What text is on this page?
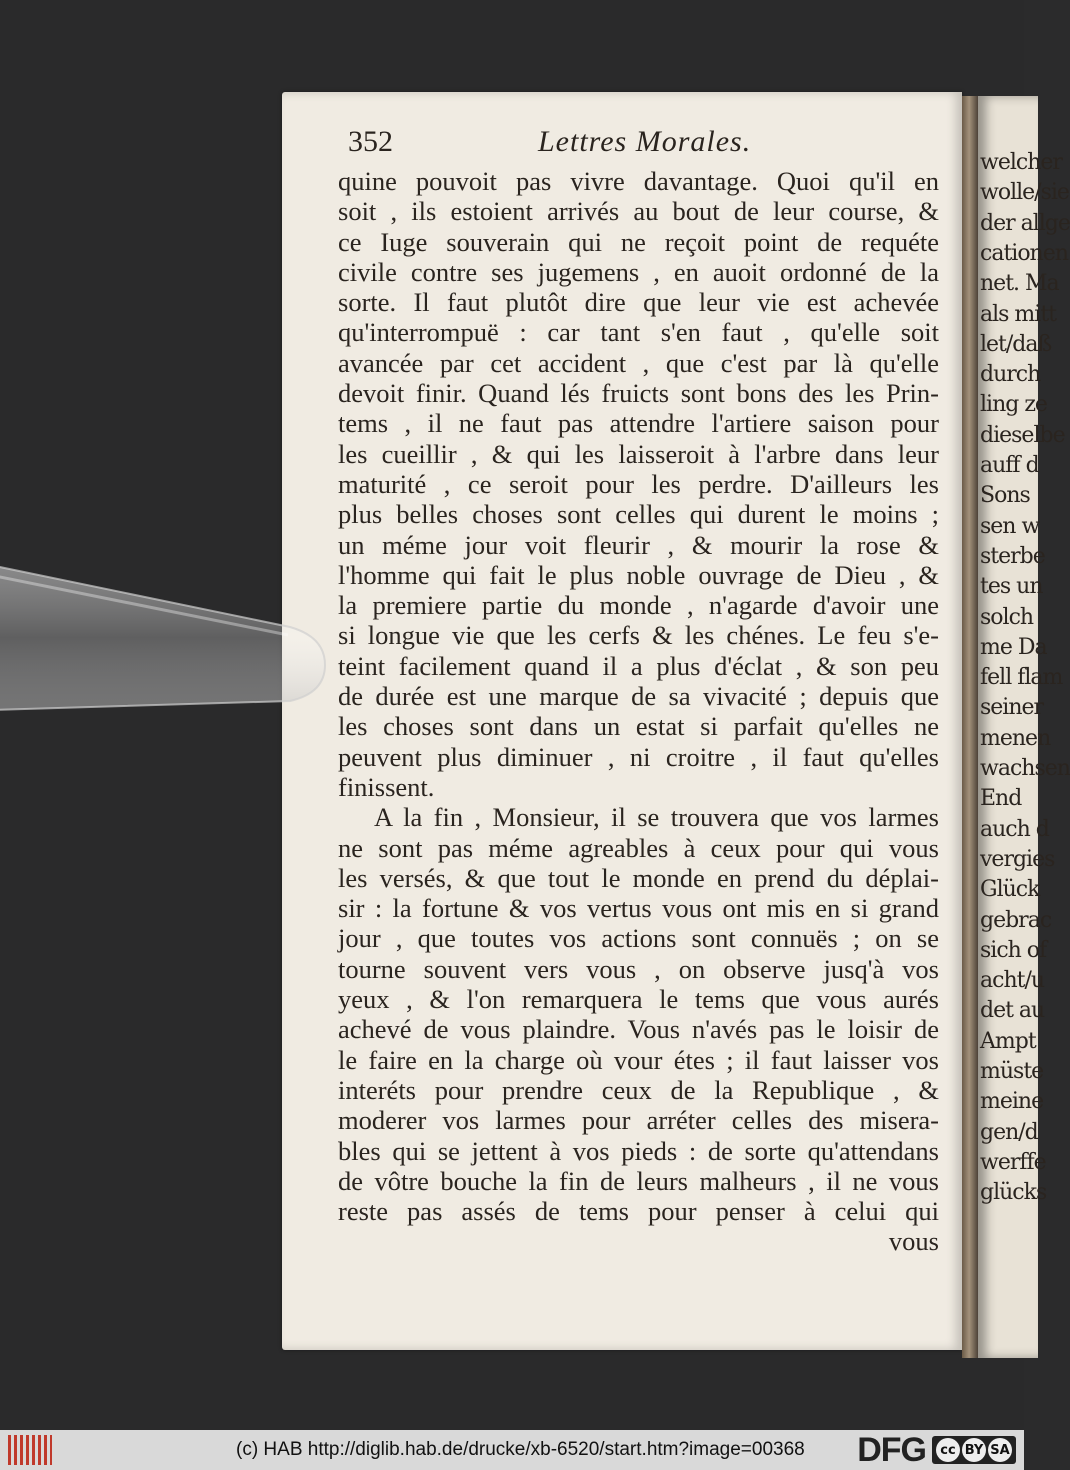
352	Lettres Morales.
quine pouvoit pas vivre davantage. Quoi qu'il en
soit , ils estoient arrivés au bout de leur course, &
ce Iuge souverain qui ne reçoit point de requéte
civile contre ses jugemens , en auoit ordonné de la
sorte. Il faut plutôt dire que leur vie est achevée
qu'interrompuë : car tant s'en faut , qu'elle soit
avancée par cet accident , que c'est par là qu'elle
devoit finir. Quand lés fruicts sont bons des les Prin-
tems , il ne faut pas attendre l'artiere saison pour
les cueillir , & qui les laisseroit à l'arbre dans leur
maturité , ce seroit pour les perdre. D'ailleurs les
plus belles choses sont celles qui durent le moins ;
un méme jour voit fleurir , & mourir la rose &
l'homme qui fait le plus noble ouvrage de Dieu , &
la premiere partie du monde , n'agarde d'avoir une
si longue vie que les cerfs & les chénes. Le feu s'e-
teint facilement quand il a plus d'éclat , & son peu
de durée est une marque de sa vivacité ; depuis que
les choses sont dans un estat si parfait qu'elles ne
peuvent plus diminuer , ni croitre , il faut qu'elles
finissent.
A la fin , Monsieur, il se trouvera que vos larmes
ne sont pas méme agreables à ceux pour qui vous
les versés, & que tout le monde en prend du déplai-
sir : la fortune & vos vertus vous ont mis en si grand
jour , que toutes vos actions sont connuës ; on se
tourne souvent vers vous , on observe jusq'à vos
yeux , & l'on remarquera le tems que vous aurés
achevé de vous plaindre. Vous n'avés pas le loisir de
le faire en la charge où vour étes ; il faut laisser vos
interéts pour prendre ceux de la Republique , &
moderer vos larmes pour arréter celles des misera-
bles qui se jettent à vos pieds : de sorte qu'attendans
de vôtre bouche la fin de leurs malheurs , il ne vous
reste pas assés de tems pour penser à celui qui
vous
welcher
wolle/sie
der allge
cationen
net. Ma
als mitt
let/daß
durch
ling ze
dieselbe
auff d
Sons
sen w
sterbe
tes un
solch
me Da
fell flam
seiner
menen
wachsen
End
auch d
vergies
Glück
gebrac
sich of
acht/u
det au
Ampt
müste
meine
gen/d
werffe
glücks
(c) HAB http://diglib.hab.de/drucke/xb-6520/start.htm?image=00368 DFG	cc BY SA
